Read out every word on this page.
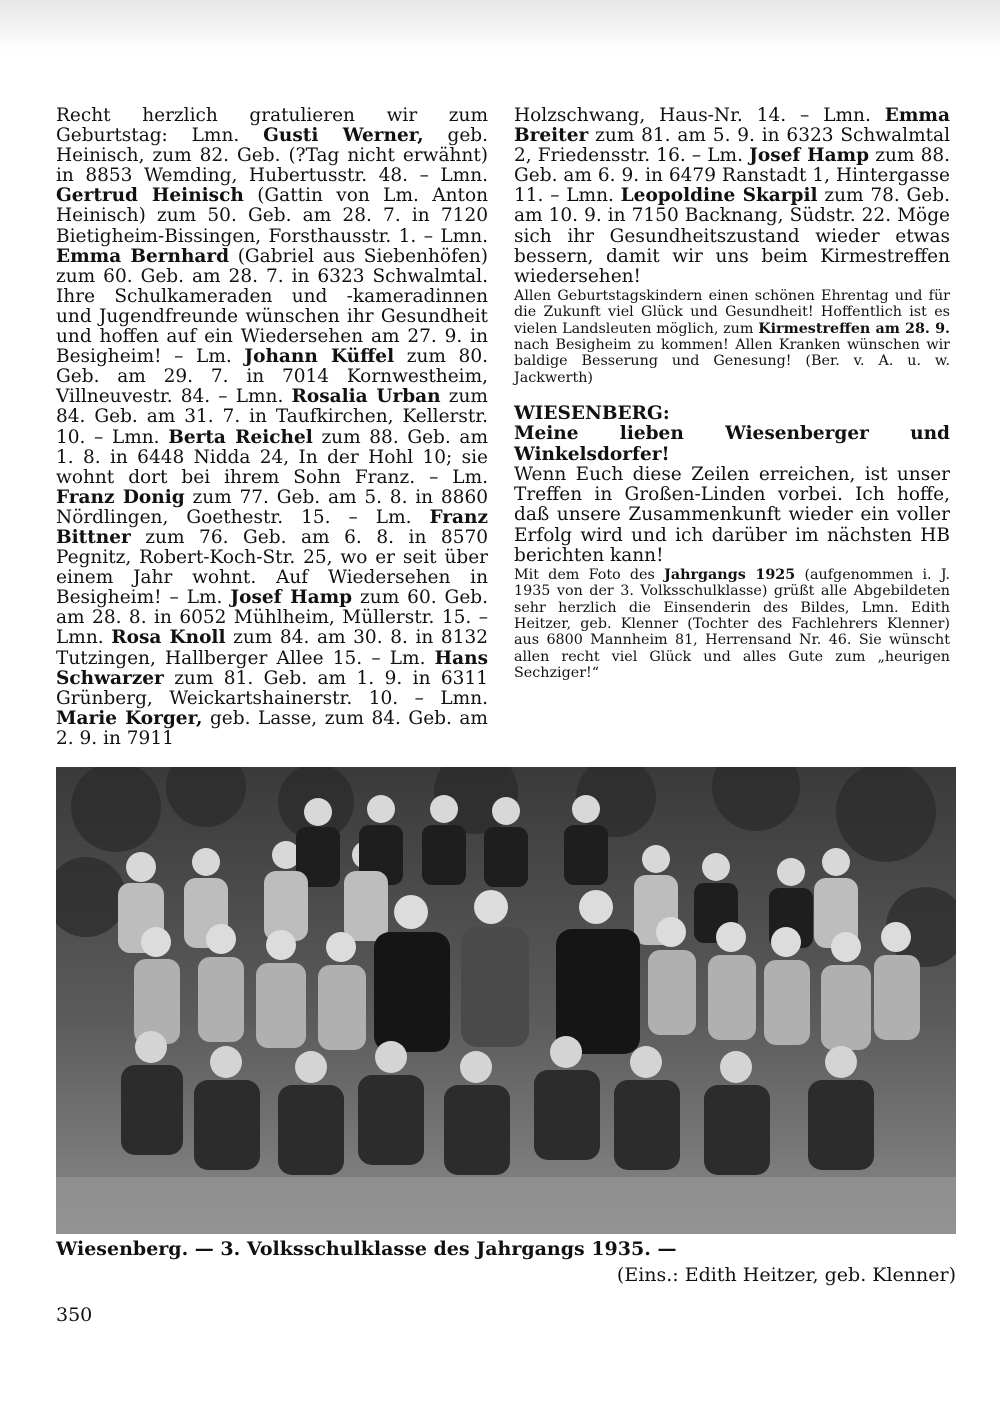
Recht herzlich gratulieren wir zum Geburtstag: Lmn. Gusti Werner, geb. Heinisch, zum 82. Geb. (?Tag nicht erwähnt) in 8853 Wemding, Hubertusstr. 48. – Lmn. Gertrud Heinisch (Gattin von Lm. Anton Heinisch) zum 50. Geb. am 28. 7. in 7120 Bietigheim-Bissingen, Forsthausstr. 1. – Lmn. Emma Bernhard (Gabriel aus Siebenhöfen) zum 60. Geb. am 28. 7. in 6323 Schwalmtal. Ihre Schulkameraden und -kameradinnen und Jugendfreunde wünschen ihr Gesundheit und hoffen auf ein Wiedersehen am 27. 9. in Besigheim! – Lm. Johann Küffel zum 80. Geb. am 29. 7. in 7014 Kornwestheim, Villneuvestr. 84. – Lmn. Rosalia Urban zum 84. Geb. am 31. 7. in Taufkirchen, Kellerstr. 10. – Lmn. Berta Reichel zum 88. Geb. am 1. 8. in 6448 Nidda 24, In der Hohl 10; sie wohnt dort bei ihrem Sohn Franz. – Lm. Franz Donig zum 77. Geb. am 5. 8. in 8860 Nördlingen, Goethestr. 15. – Lm. Franz Bittner zum 76. Geb. am 6. 8. in 8570 Pegnitz, Robert-Koch-Str. 25, wo er seit über einem Jahr wohnt. Auf Wiedersehen in Besigheim! – Lm. Josef Hamp zum 60. Geb. am 28. 8. in 6052 Mühlheim, Müllerstr. 15. – Lmn. Rosa Knoll zum 84. am 30. 8. in 8132 Tutzingen, Hallberger Allee 15. – Lm. Hans Schwarzer zum 81. Geb. am 1. 9. in 6311 Grünberg, Weickartshainerstr. 10. – Lmn. Marie Korger, geb. Lasse, zum 84. Geb. am 2. 9. in 7911

Holzschwang, Haus-Nr. 14. – Lmn. Emma Breiter zum 81. am 5. 9. in 6323 Schwalmtal 2, Friedensstr. 16. – Lm. Josef Hamp zum 88. Geb. am 6. 9. in 6479 Ranstadt 1, Hintergasse 11. – Lmn. Leopoldine Skarpil zum 78. Geb. am 10. 9. in 7150 Backnang, Südstr. 22. Möge sich ihr Gesundheitszustand wieder etwas bessern, damit wir uns beim Kirmestreffen wiedersehen!

Allen Geburtstagskindern einen schönen Ehrentag und für die Zukunft viel Glück und Gesundheit! Hoffentlich ist es vielen Landsleuten möglich, zum Kirmestreffen am 28. 9. nach Besigheim zu kommen! Allen Kranken wünschen wir baldige Besserung und Genesung! (Ber. v. A. u. w. Jackwerth)

WIESENBERG:

Meine lieben Wiesenberger und Winkelsdorfer!

Wenn Euch diese Zeilen erreichen, ist unser Treffen in Großen-Linden vorbei. Ich hoffe, daß unsere Zusammenkunft wieder ein voller Erfolg wird und ich darüber im nächsten HB berichten kann!

Mit dem Foto des Jahrgangs 1925 (aufgenommen i. J. 1935 von der 3. Volksschulklasse) grüßt alle Abgebildeten sehr herzlich die Einsenderin des Bildes, Lmn. Edith Heitzer, geb. Klenner (Tochter des Fachlehrers Klenner) aus 6800 Mannheim 81, Herrensand Nr. 46. Sie wünscht allen recht viel Glück und alles Gute zum „heurigen Sechziger!“

Wiesenberg. — 3. Volksschulklasse des Jahrgangs 1935. —
(Eins.: Edith Heitzer, geb. Klenner)
350
